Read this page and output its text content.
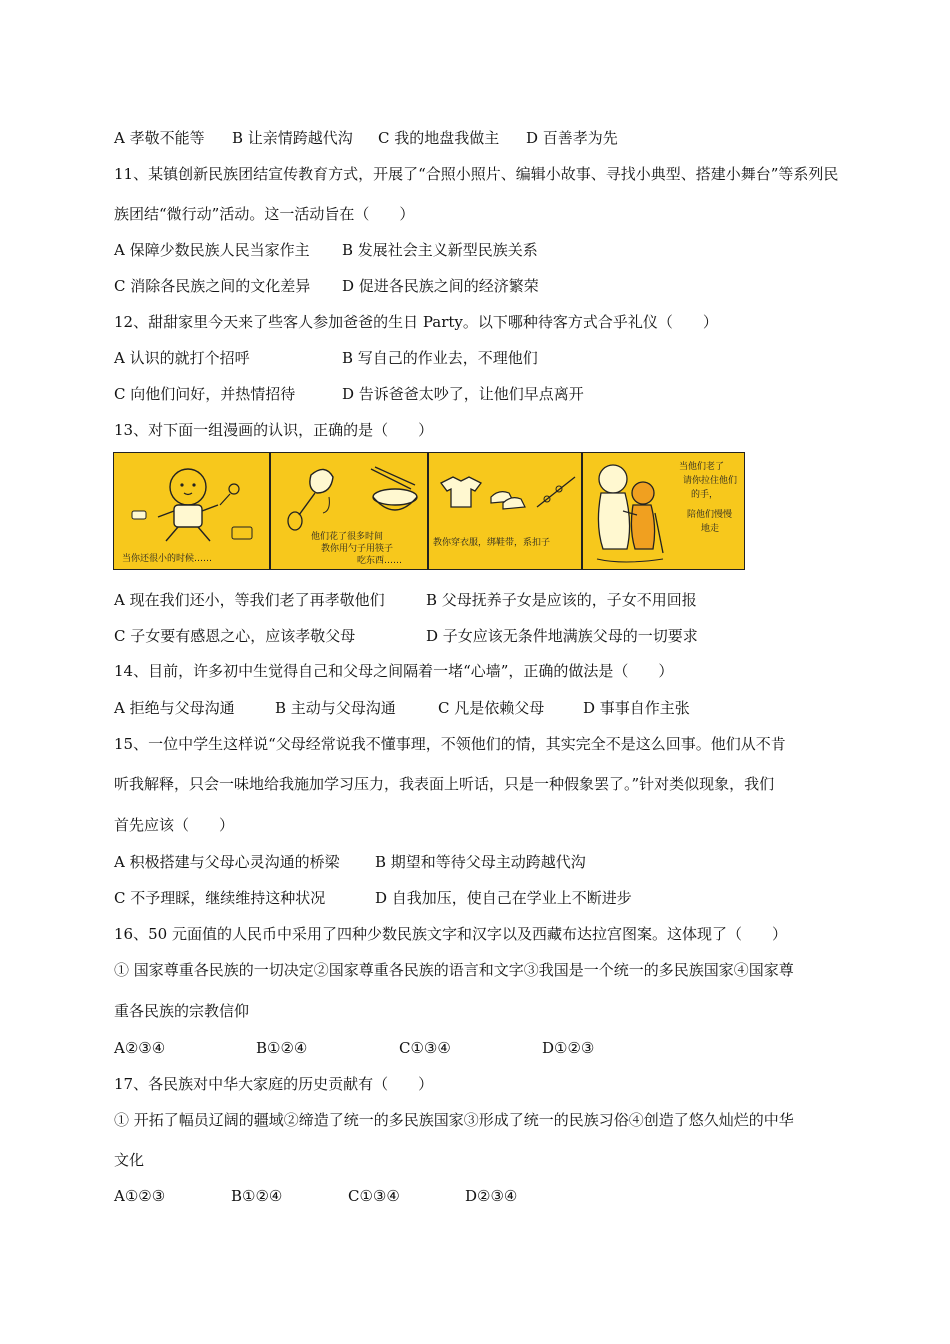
A 孝敬不能等 B 让亲情跨越代沟 C 我的地盘我做主 D 百善孝为先
11、某镇创新民族团结宣传教育方式，开展了“合照小照片、编辑小故事、寻找小典型、搭建小舞台”等系列民
族团结“微行动”活动。这一活动旨在（　　）
A 保障少数民族人民当家作主 B 发展社会主义新型民族关系
C 消除各民族之间的文化差异 D 促进各民族之间的经济繁荣
12、甜甜家里今天来了些客人参加爸爸的生日 Party。以下哪种待客方式合乎礼仪（　　）
A 认识的就打个招呼	B 写自己的作业去，不理他们
C 向他们问好，并热情招待	D 告诉爸爸太吵了，让他们早点离开
13、对下面一组漫画的认识，正确的是（　　）
当你还很小的时候……
他们花了很多时间
教你用勺子用筷子
吃东西……
教你穿衣服，绑鞋带，系扣子
当他们老了
请你拉住他们
的手，
陪他们慢慢
地走
A 现在我们还小，等我们老了再孝敬他们	B 父母抚养子女是应该的，子女不用回报
C 子女要有感恩之心，应该孝敬父母	D 子女应该无条件地满族父母的一切要求
14、目前，许多初中生觉得自己和父母之间隔着一堵“心墙”，正确的做法是（　　）
A 拒绝与父母沟通	B 主动与父母沟通	C 凡是依赖父母	D 事事自作主张
15、一位中学生这样说“父母经常说我不懂事理，不领他们的情，其实完全不是这么回事。他们从不肯
听我解释，只会一味地给我施加学习压力，我表面上听话，只是一种假象罢了。”针对类似现象，我们
首先应该（　　）
A 积极搭建与父母心灵沟通的桥梁 B 期望和等待父母主动跨越代沟
C 不予理睬，继续维持这种状况	D 自我加压，使自己在学业上不断进步
16、50 元面值的人民币中采用了四种少数民族文字和汉字以及西藏布达拉宫图案。这体现了（　　）
① 国家尊重各民族的一切决定②国家尊重各民族的语言和文字③我国是一个统一的多民族国家④国家尊
重各民族的宗教信仰
A②③④	B①②④	C①③④	D①②③
17、各民族对中华大家庭的历史贡献有（　　）
① 开拓了幅员辽阔的疆域②缔造了统一的多民族国家③形成了统一的民族习俗④创造了悠久灿烂的中华
文化
A①②③	B①②④	C①③④	D②③④
